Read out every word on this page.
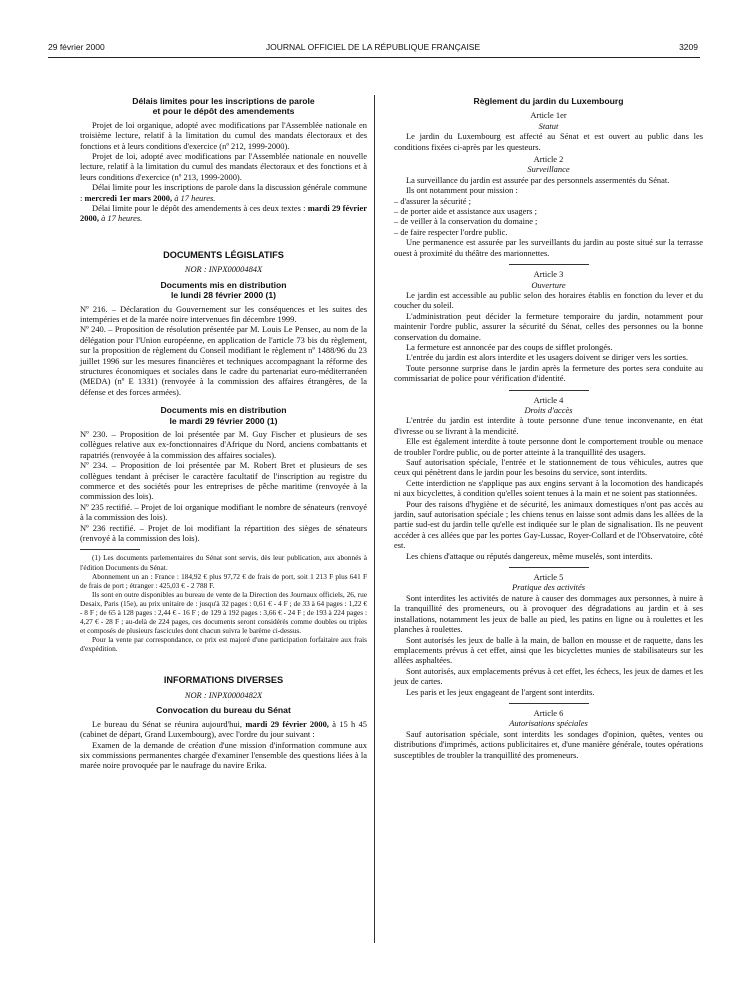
29 février 2000	JOURNAL OFFICIEL DE LA RÉPUBLIQUE FRANÇAISE	3209
Délais limites pour les inscriptions de parole
et pour le dépôt des amendements

Projet de loi organique, adopté avec modifications par l'Assemblée nationale en troisième lecture, relatif à la limitation du cumul des mandats électoraux et des fonctions et à leurs conditions d'exercice (nº 212, 1999-2000).

Projet de loi, adopté avec modifications par l'Assemblée nationale en nouvelle lecture, relatif à la limitation du cumul des mandats électoraux et des fonctions et à leurs conditions d'exercice (nº 213, 1999-2000).

Délai limite pour les inscriptions de parole dans la discussion générale commune : mercredi 1er mars 2000, à 17 heures.

Délai limite pour le dépôt des amendements à ces deux textes : mardi 29 février 2000, à 17 heures.

DOCUMENTS LÉGISLATIFS
NOR : INPX0000484X
Documents mis en distribution
le lundi 28 février 2000 (1)

Nº 216. – Déclaration du Gouvernement sur les conséquences et les suites des intempéries et de la marée noire intervenues fin décembre 1999.

Nº 240. – Proposition de résolution présentée par M. Louis Le Pensec, au nom de la délégation pour l'Union européenne, en application de l'article 73 bis du règlement, sur la proposition de règlement du Conseil modifiant le règlement nº 1488/96 du 23 juillet 1996 sur les mesures financières et techniques accompagnant la réforme des structures économiques et sociales dans le cadre du partenariat euro-méditerranéen (MEDA) (nº E 1331) (renvoyée à la commission des affaires étrangères, de la défense et des forces armées).

Documents mis en distribution
le mardi 29 février 2000 (1)

Nº 230. – Proposition de loi présentée par M. Guy Fischer et plusieurs de ses collègues relative aux ex-fonctionnaires d'Afrique du Nord, anciens combattants et rapatriés (renvoyée à la commission des affaires sociales).

Nº 234. – Proposition de loi présentée par M. Robert Bret et plusieurs de ses collègues tendant à préciser le caractère facultatif de l'inscription au registre du commerce et des sociétés pour les entreprises de pêche maritime (renvoyée à la commission des lois).

Nº 235 rectifié. – Projet de loi organique modifiant le nombre de sénateurs (renvoyé à la commission des lois).

Nº 236 rectifié. – Projet de loi modifiant la répartition des sièges de sénateurs (renvoyé à la commission des lois).

(1) Les documents parlementaires du Sénat sont servis, dès leur publication, aux abonnés à l'édition Documents du Sénat.

Abonnement un an : France : 184,92 € plus 97,72 € de frais de port, soit 1 213 F plus 641 F de frais de port ; étranger : 425,03 € - 2 788 F.

Ils sont en outre disponibles au bureau de vente de la Direction des Journaux officiels, 26, rue Desaix, Paris (15e), au prix unitaire de : jusqu'à 32 pages : 0,61 € - 4 F ; de 33 à 64 pages : 1,22 € - 8 F ; de 65 à 128 pages : 2,44 € - 16 F ; de 129 à 192 pages : 3,66 € - 24 F ; de 193 à 224 pages : 4,27 € - 28 F ; au-delà de 224 pages, ces documents seront considérés comme doubles ou triples et composés de plusieurs fascicules dont chacun suivra le barème ci-dessus.

Pour la vente par correspondance, ce prix est majoré d'une participation forfaitaire aux frais d'expédition.

INFORMATIONS DIVERSES
NOR : INPX0000482X
Convocation du bureau du Sénat

Le bureau du Sénat se réunira aujourd'hui, mardi 29 février 2000, à 15 h 45 (cabinet de départ, Grand Luxembourg), avec l'ordre du jour suivant :

Examen de la demande de création d'une mission d'information commune aux six commissions permanentes chargée d'examiner l'ensemble des questions liées à la marée noire provoquée par le naufrage du navire Erika.

Règlement du jardin du Luxembourg
Article 1er
Statut

Le jardin du Luxembourg est affecté au Sénat et est ouvert au public dans les conditions fixées ci-après par les questeurs.

Article 2
Surveillance

La surveillance du jardin est assurée par des personnels assermentés du Sénat.

Ils ont notamment pour mission :

– d'assurer la sécurité ;

– de porter aide et assistance aux usagers ;

– de veiller à la conservation du domaine ;

– de faire respecter l'ordre public.

Une permanence est assurée par les surveillants du jardin au poste situé sur la terrasse ouest à proximité du théâtre des marionnettes.

Article 3
Ouverture

Le jardin est accessible au public selon des horaires établis en fonction du lever et du coucher du soleil.

L'administration peut décider la fermeture temporaire du jardin, notamment pour maintenir l'ordre public, assurer la sécurité du Sénat, celles des personnes ou la bonne conservation du domaine.

La fermeture est annoncée par des coups de sifflet prolongés.

L'entrée du jardin est alors interdite et les usagers doivent se diriger vers les sorties.

Toute personne surprise dans le jardin après la fermeture des portes sera conduite au commissariat de police pour vérification d'identité.

Article 4
Droits d'accès

L'entrée du jardin est interdite à toute personne d'une tenue inconvenante, en état d'ivresse ou se livrant à la mendicité.

Elle est également interdite à toute personne dont le comportement trouble ou menace de troubler l'ordre public, ou de porter atteinte à la tranquillité des usagers.

Sauf autorisation spéciale, l'entrée et le stationnement de tous véhicules, autres que ceux qui pénètrent dans le jardin pour les besoins du service, sont interdits.

Cette interdiction ne s'applique pas aux engins servant à la locomotion des handicapés ni aux bicyclettes, à condition qu'elles soient tenues à la main et ne soient pas stationnées.

Pour des raisons d'hygiène et de sécurité, les animaux domestiques n'ont pas accès au jardin, sauf autorisation spéciale ; les chiens tenus en laisse sont admis dans les allées de la partie sud-est du jardin telle qu'elle est indiquée sur le plan de signalisation. Ils ne peuvent accéder à ces allées que par les portes Gay-Lussac, Royer-Collard et de l'Observatoire, côté est.

Les chiens d'attaque ou réputés dangereux, même muselés, sont interdits.

Article 5
Pratique des activités

Sont interdites les activités de nature à causer des dommages aux personnes, à nuire à la tranquillité des promeneurs, ou à provoquer des dégradations au jardin et à ses installations, notamment les jeux de balle au pied, les patins en ligne ou à roulettes et les planches à roulettes.

Sont autorisés les jeux de balle à la main, de ballon en mousse et de raquette, dans les emplacements prévus à cet effet, ainsi que les bicyclettes munies de stabilisateurs sur les allées asphaltées.

Sont autorisés, aux emplacements prévus à cet effet, les échecs, les jeux de dames et les jeux de cartes.

Les paris et les jeux engageant de l'argent sont interdits.

Article 6
Autorisations spéciales

Sauf autorisation spéciale, sont interdits les sondages d'opinion, quêtes, ventes ou distributions d'imprimés, actions publicitaires et, d'une manière générale, toutes opérations susceptibles de troubler la tranquillité des promeneurs.
